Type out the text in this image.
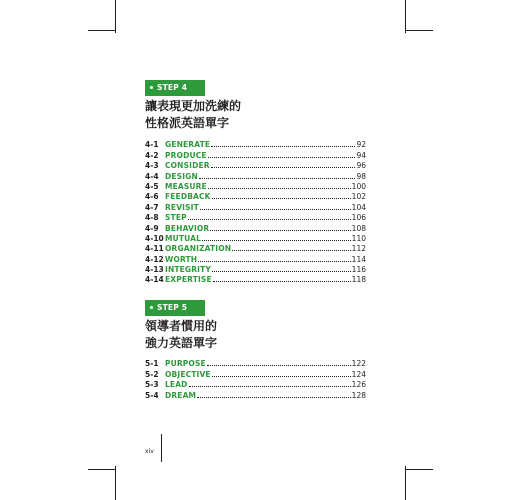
STEP 4
讓表現更加洗練的
性格派英語單字
4-1 GENERATE	92
4-2 PRODUCE	94
4-3 CONSIDER	96
4-4 DESIGN	98
4-5 MEASURE	100
4-6 FEEDBACK	102
4-7 REVISIT	104
4-8 STEP	106
4-9 BEHAVIOR	108
4-10 MUTUAL	110
4-11 ORGANIZATION	112
4-12 WORTH	114
4-13 INTEGRITY	116
4-14 EXPERTISE	118
STEP 5
領導者慣用的
強力英語單字
5-1 PURPOSE	122
5-2 OBJECTIVE	124
5-3 LEAD	126
5-4 DREAM	128
xiv
